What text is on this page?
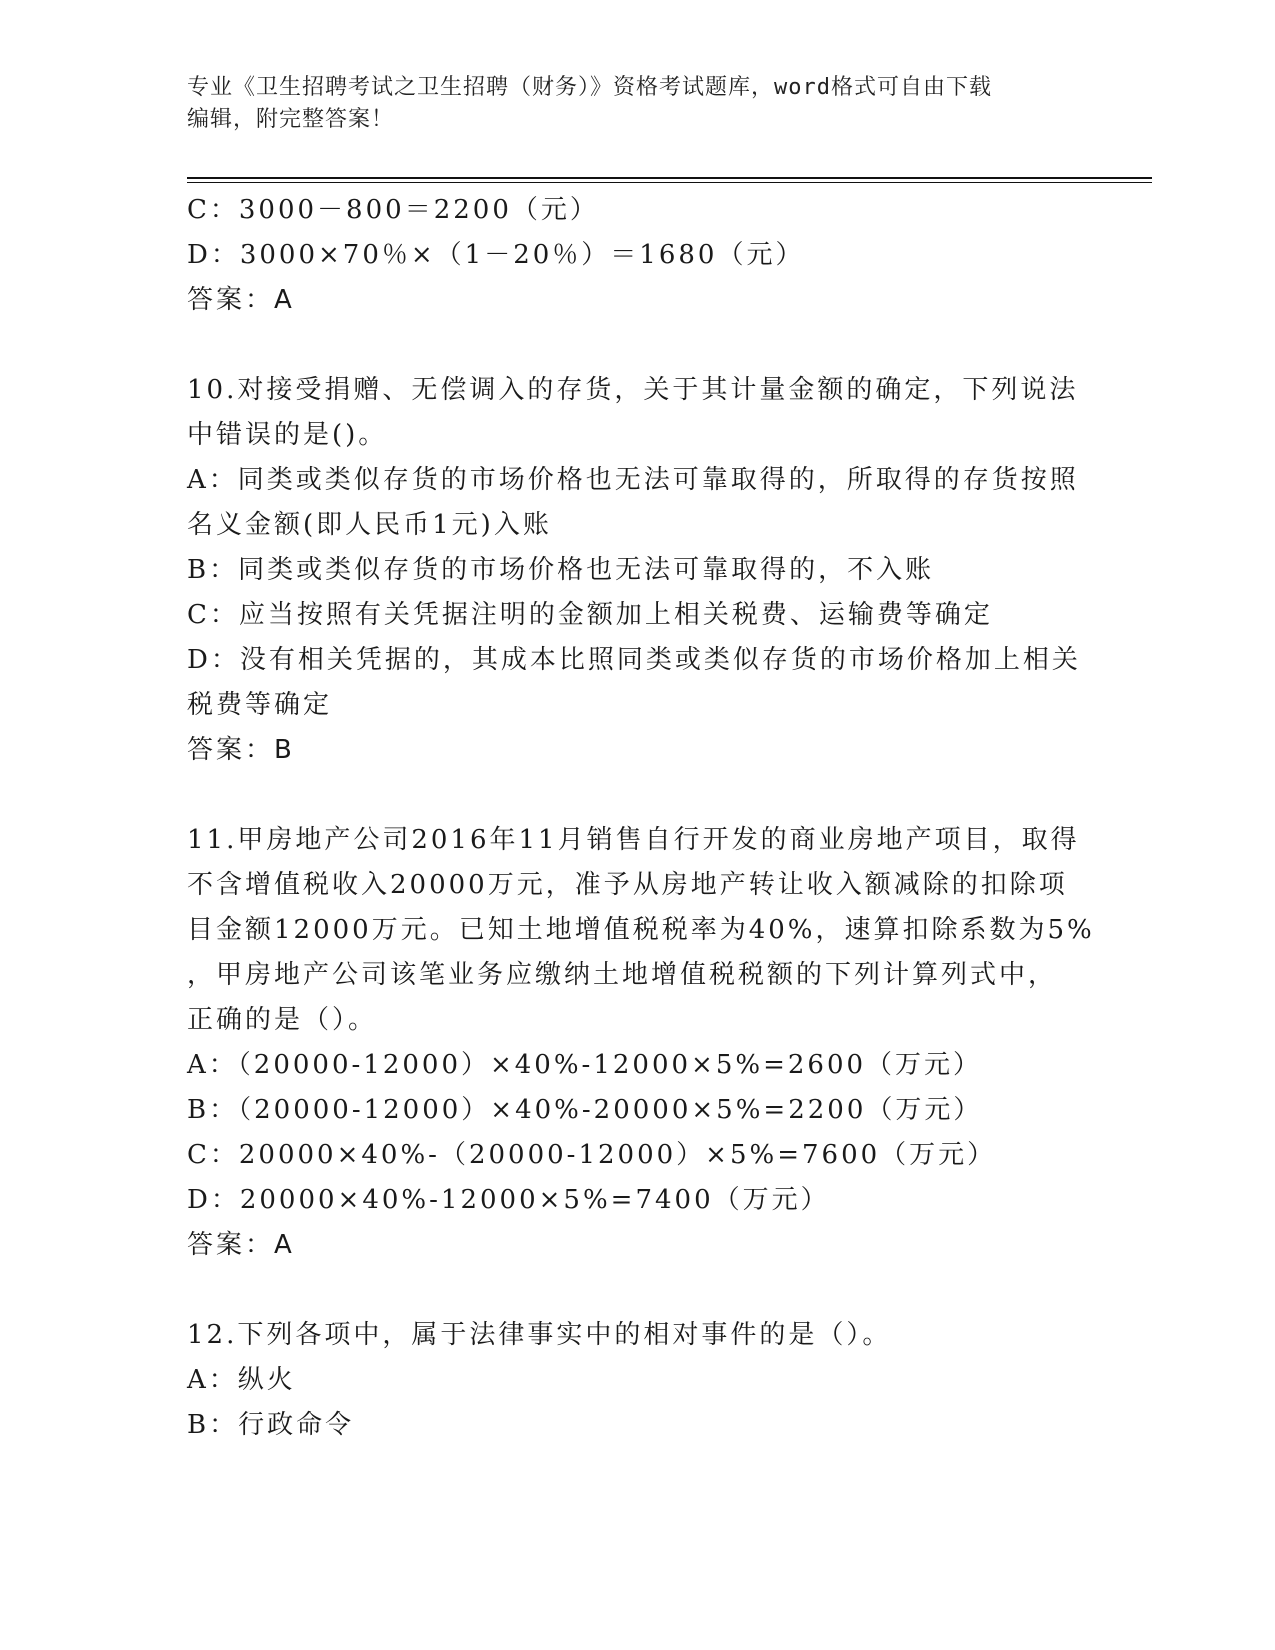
专业《卫生招聘考试之卫生招聘（财务）》资格考试题库，word格式可自由下载
编辑，附完整答案！
C：3000－800＝2200（元）
D：3000×70％×（1－20％）＝1680（元）
答案：A
10.对接受捐赠、无偿调入的存货，关于其计量金额的确定，下列说法
中错误的是()。
A：同类或类似存货的市场价格也无法可靠取得的，所取得的存货按照
名义金额(即人民币1元)入账
B：同类或类似存货的市场价格也无法可靠取得的，不入账
C：应当按照有关凭据注明的金额加上相关税费、运输费等确定
D：没有相关凭据的，其成本比照同类或类似存货的市场价格加上相关
税费等确定
答案：B
11.甲房地产公司2016年11月销售自行开发的商业房地产项目，取得
不含增值税收入20000万元，准予从房地产转让收入额减除的扣除项
目金额12000万元。已知土地增值税税率为40%，速算扣除系数为5%
，甲房地产公司该笔业务应缴纳土地增值税税额的下列计算列式中，
正确的是（）。
A：（20000-12000）×40%-12000×5%=2600（万元）
B：（20000-12000）×40%-20000×5%=2200（万元）
C：20000×40%-（20000-12000）×5%=7600（万元）
D：20000×40%-12000×5%=7400（万元）
答案：A
12.下列各项中，属于法律事实中的相对事件的是（）。
A：纵火
B：行政命令
